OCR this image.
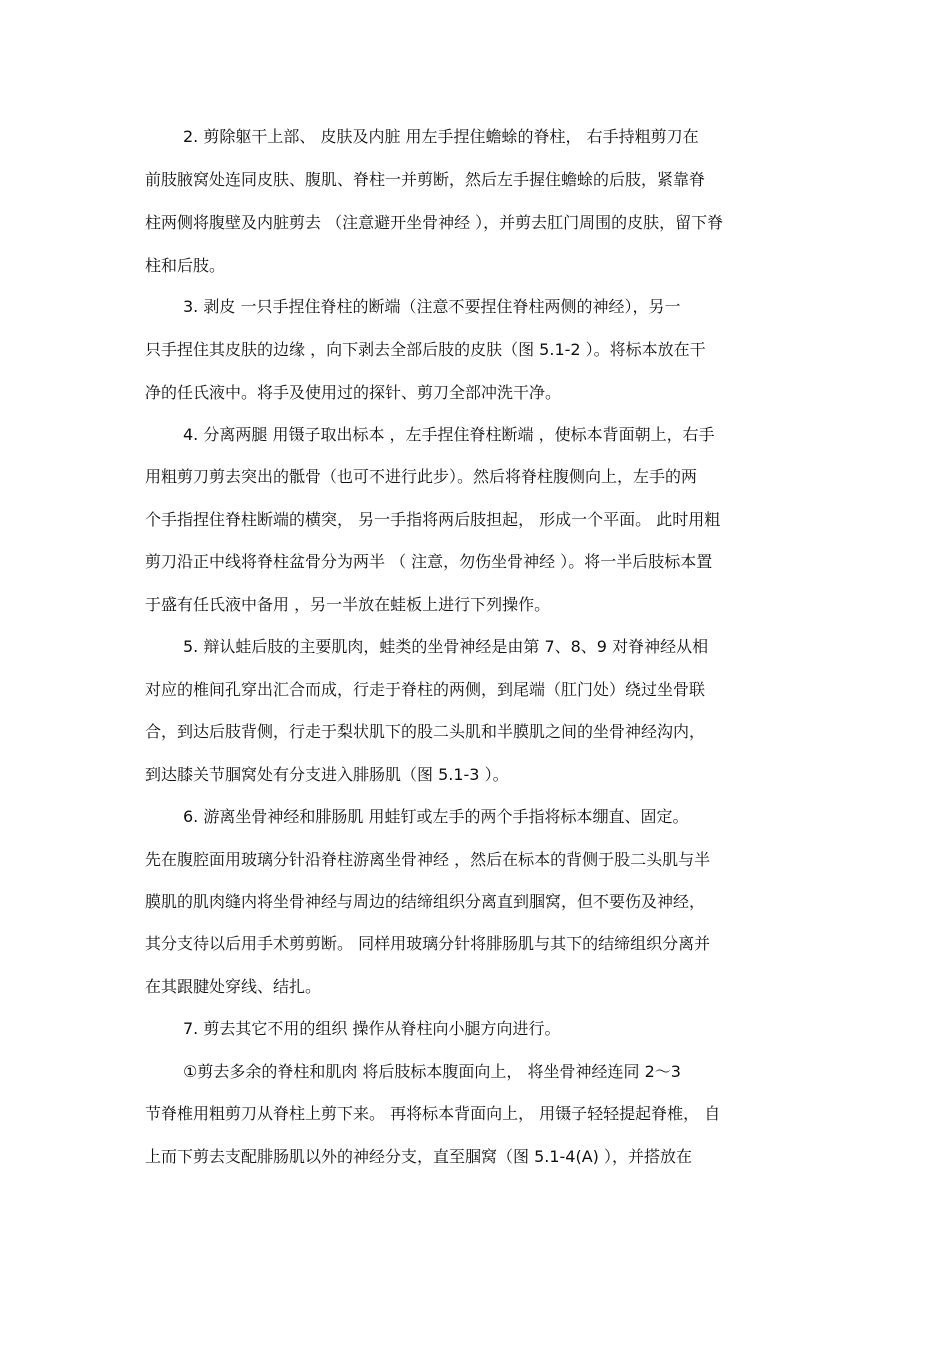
2. 剪除躯干上部、 皮肤及内脏 用左手捏住蟾蜍的脊柱， 右手持粗剪刀在
前肢腋窝处连同皮肤、腹肌、脊柱一并剪断，然后左手握住蟾蜍的后肢，紧靠脊
柱两侧将腹壁及内脏剪去 （注意避开坐骨神经 ），并剪去肛门周围的皮肤，留下脊
柱和后肢。
3. 剥皮 一只手捏住脊柱的断端（注意不要捏住脊柱两侧的神经），另一
只手捏住其皮肤的边缘 ，向下剥去全部后肢的皮肤（图 5.1-2 ）。将标本放在干
净的任氏液中。将手及使用过的探针、剪刀全部冲洗干净。
4. 分离两腿 用镊子取出标本 ，左手捏住脊柱断端 ，使标本背面朝上，右手
用粗剪刀剪去突出的骶骨（也可不进行此步）。然后将脊柱腹侧向上，左手的两
个手指捏住脊柱断端的横突， 另一手指将两后肢担起， 形成一个平面。 此时用粗
剪刀沿正中线将脊柱盆骨分为两半 （ 注意，勿伤坐骨神经 ）。将一半后肢标本置
于盛有任氏液中备用 ，另一半放在蛙板上进行下列操作。
5. 辩认蛙后肢的主要肌肉，蛙类的坐骨神经是由第 7、8、9 对脊神经从相
对应的椎间孔穿出汇合而成，行走于脊柱的两侧，到尾端（肛门处）绕过坐骨联
合，到达后肢背侧，行走于梨状肌下的股二头肌和半膜肌之间的坐骨神经沟内，
到达膝关节腘窝处有分支进入腓肠肌（图 5.1-3 ）。
6. 游离坐骨神经和腓肠肌 用蛙钉或左手的两个手指将标本绷直、固定。
先在腹腔面用玻璃分针沿脊柱游离坐骨神经 ，然后在标本的背侧于股二头肌与半
膜肌的肌肉缝内将坐骨神经与周边的结缔组织分离直到腘窝，但不要伤及神经，
其分支待以后用手术剪剪断。 同样用玻璃分针将腓肠肌与其下的结缔组织分离并
在其跟腱处穿线、结扎。
7. 剪去其它不用的组织 操作从脊柱向小腿方向进行。
①剪去多余的脊柱和肌肉 将后肢标本腹面向上， 将坐骨神经连同 2～3
节脊椎用粗剪刀从脊柱上剪下来。 再将标本背面向上， 用镊子轻轻提起脊椎， 自
上而下剪去支配腓肠肌以外的神经分支，直至腘窝（图 5.1-4(A) ），并搭放在
